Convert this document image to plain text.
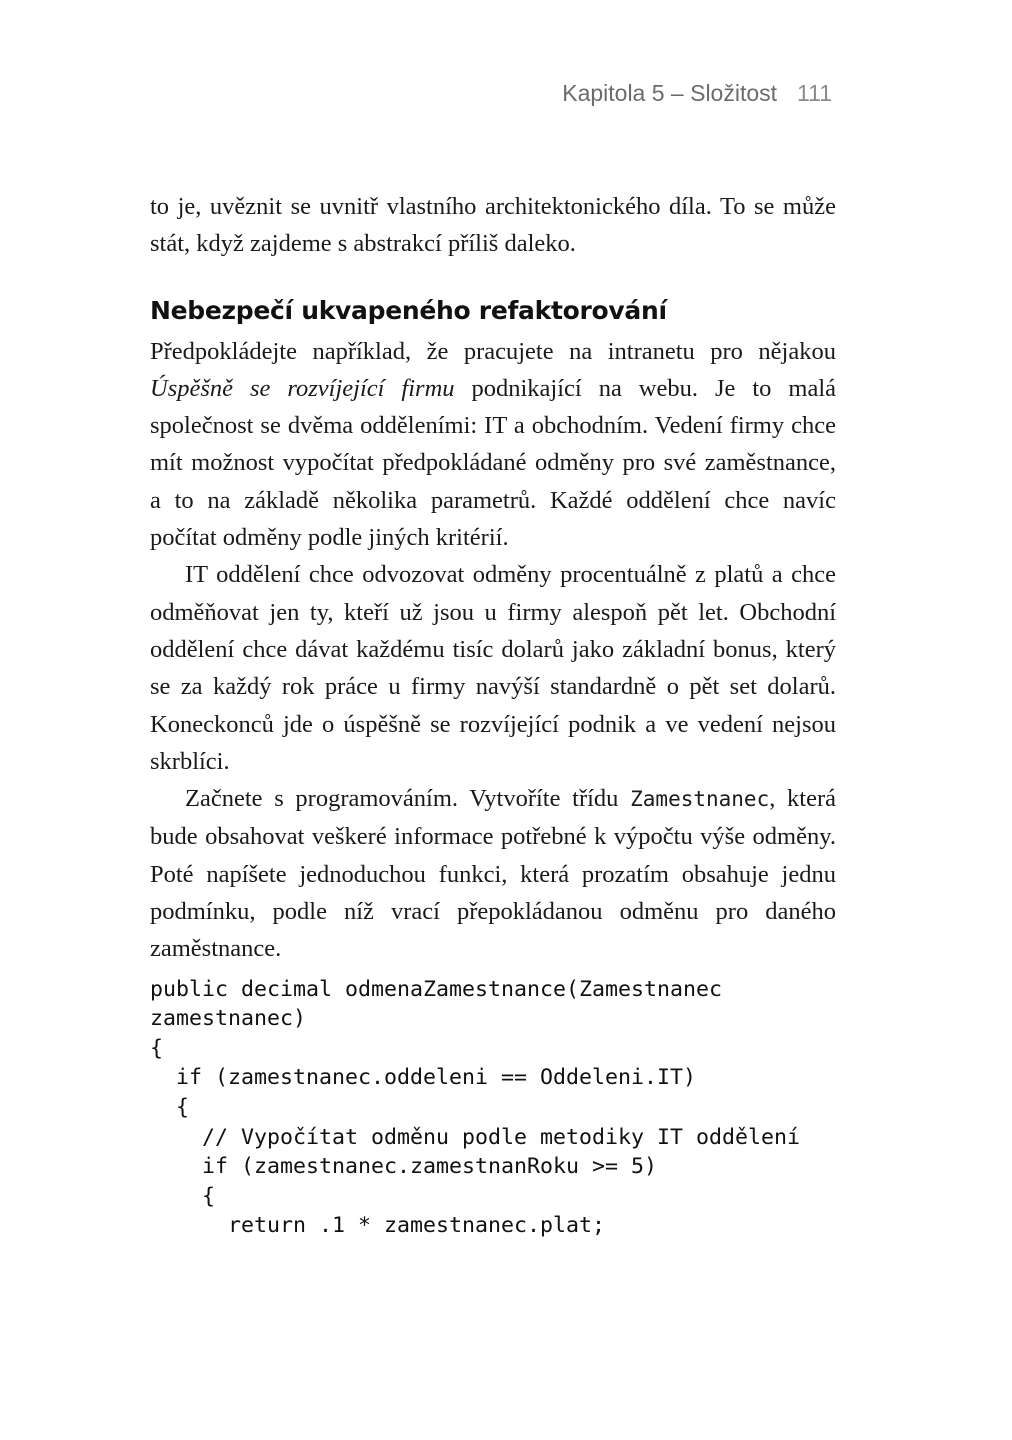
Kapitola 5 – Složitost 111

to je, uvěznit se uvnitř vlastního architektonického díla. To se může stát, když zajdeme s abstrakcí příliš daleko.

Nebezpečí ukvapeného refaktorování

Předpokládejte například, že pracujete na intranetu pro nějakou Úspěšně se rozvíjející firmu podnikající na webu. Je to malá společnost se dvěma odděleními: IT a obchodním. Vedení firmy chce mít možnost vypočítat předpokládané odměny pro své zaměstnance, a to na základě několika parametrů. Každé oddělení chce navíc počítat odměny podle jiných kritérií.

IT oddělení chce odvozovat odměny procentuálně z platů a chce odměňovat jen ty, kteří už jsou u firmy alespoň pět let. Obchodní oddělení chce dávat každému tisíc dolarů jako základní bonus, který se za každý rok práce u firmy navýší standardně o pět set dolarů. Koneckonců jde o úspěšně se rozvíjející podnik a ve vedení nejsou skrblíci.

Začnete s programováním. Vytvoříte třídu Zamestnanec, která bude obsahovat veškeré informace potřebné k výpočtu výše odměny. Poté napíšete jednoduchou funkci, která prozatím obsahuje jednu podmínku, podle níž vrací přepokládanou odměnu pro daného zaměstnance.

public decimal odmenaZamestnance(Zamestnanec
zamestnanec)
{
if (zamestnanec.oddeleni == Oddeleni.IT)
{
// Vypočítat odměnu podle metodiky IT oddělení
if (zamestnanec.zamestnanRoku >= 5)
{
return .1 * zamestnanec.plat;
